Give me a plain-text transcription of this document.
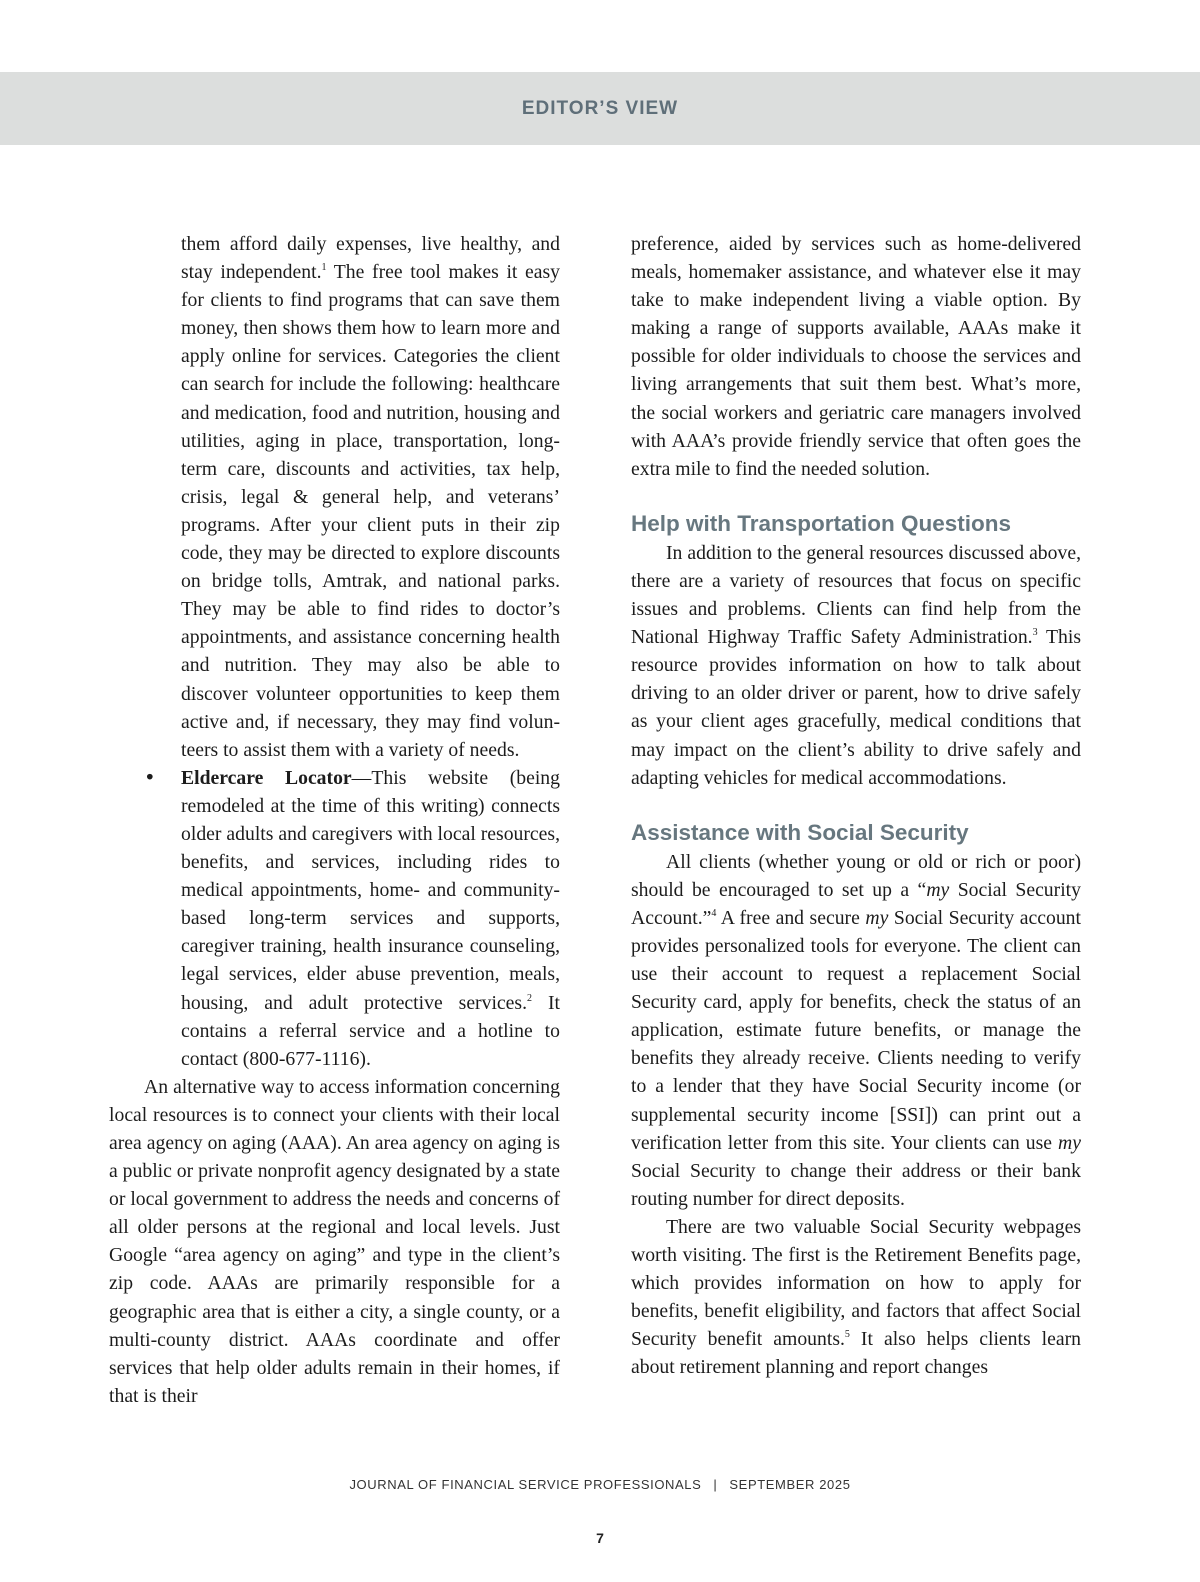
EDITOR’S VIEW

them afford daily expenses, live healthy, and stay independent.$^1$ The free tool makes it easy for clients to find programs that can save them money, then shows them how to learn more and apply online for services. Categories the client can search for include the following: healthcare and medication, food and nutrition, housing and utilities, aging in place, transportation, long-term care, discounts and activities, tax help, crisis, legal & general help, and veterans’ programs. After your client puts in their zip code, they may be directed to explore discounts on bridge tolls, Amtrak, and national parks. They may be able to find rides to doctor’s appointments, and assistance concerning health and nutrition. They may also be able to discover volunteer opportunities to keep them active and, if necessary, they may find volunteers to assist them with a variety of needs.

• Eldercare Locator—This website (being remodeled at the time of this writing) connects older adults and caregivers with local resources, benefits, and services, including rides to medical appointments, home- and community-based long-term services and supports, caregiver training, health insurance counseling, legal services, elder abuse prevention, meals, housing, and adult protective services.$^2$ It contains a referral service and a hotline to contact (800-677-1116).

An alternative way to access information concerning local resources is to connect your clients with their local area agency on aging (AAA). An area agency on aging is a public or private nonprofit agency designated by a state or local government to address the needs and concerns of all older persons at the regional and local levels. Just Google “area agency on aging” and type in the client’s zip code. AAAs are primarily responsible for a geographic area that is either a city, a single county, or a multi-county district. AAAs coordinate and offer services that help older adults remain in their homes, if that is their

preference, aided by services such as home-delivered meals, homemaker assistance, and whatever else it may take to make independent living a viable option. By making a range of supports available, AAAs make it possible for older individuals to choose the services and living arrangements that suit them best. What’s more, the social workers and geriatric care managers involved with AAA’s provide friendly service that often goes the extra mile to find the needed solution.

Help with Transportation Questions

In addition to the general resources discussed above, there are a variety of resources that focus on specific issues and problems. Clients can find help from the National Highway Traffic Safety Administration.$^3$ This resource provides information on how to talk about driving to an older driver or parent, how to drive safely as your client ages gracefully, medical conditions that may impact on the client’s ability to drive safely and adapting vehicles for medical accommodations.

Assistance with Social Security

All clients (whether young or old or rich or poor) should be encouraged to set up a “my Social Security Account.”$^4$ A free and secure my Social Security account provides personalized tools for everyone. The client can use their account to request a replacement Social Security card, apply for benefits, check the status of an application, estimate future benefits, or manage the benefits they already receive. Clients needing to verify to a lender that they have Social Security income (or supplemental security income [SSI]) can print out a verification letter from this site. Your clients can use my Social Security to change their address or their bank routing number for direct deposits.

There are two valuable Social Security webpages worth visiting. The first is the Retirement Benefits page, which provides information on how to apply for benefits, benefit eligibility, and factors that affect Social Security benefit amounts.$^5$ It also helps clients learn about retirement planning and report changes

JOURNAL OF FINANCIAL SERVICE PROFESSIONALS | SEPTEMBER 2025
7
